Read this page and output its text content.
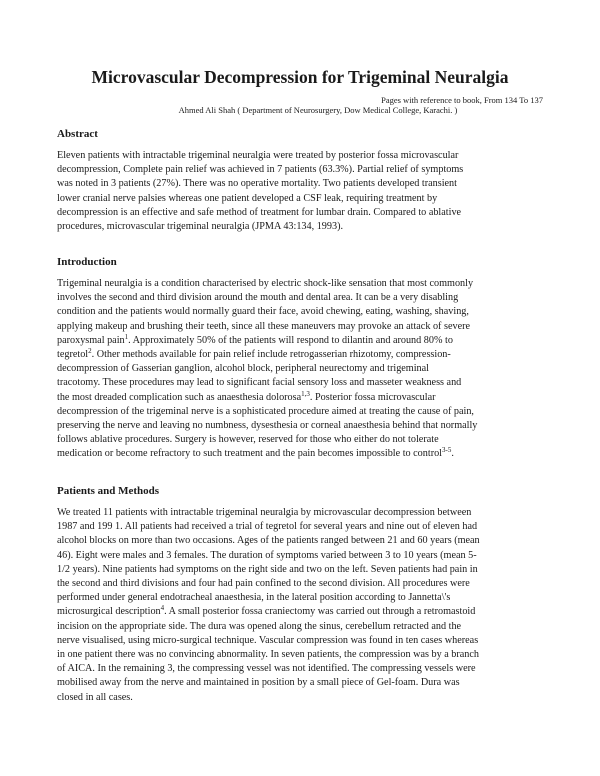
Microvascular Decompression for Trigeminal Neuralgia
Pages with reference to book, From 134 To 137
Ahmed Ali Shah ( Department of Neurosurgery, Dow Medical College, Karachi. )
Abstract

Eleven patients with intractable trigeminal neuralgia were treated by posterior fossa microvascular
decompression, Complete pain relief was achieved in 7 patients (63.3%). Partial relief of symptoms
was noted in 3 patients (27%). There was no operative mortality. Two patients developed transient
lower cranial nerve palsies whereas one patient developed a CSF leak, requiring treatment by
decompression is an effective and safe method of treatment for lumbar drain. Compared to ablative
procedures, microvascular trigeminal neuralgia (JPMA 43:134, 1993).

Introduction

Trigeminal neuralgia is a condition characterised by electric shock-like sensation that most commonly
involves the second and third division around the mouth and dental area. It can be a very disabling
condition and the patients would normally guard their face, avoid chewing, eating, washing, shaving,
applying makeup and brushing their teeth, since all these maneuvers may provoke an attack of severe
paroxysmal pain$^1$. Approximately 50% of the patients will respond to dilantin and around 80% to
tegretol$^2$. Other methods available for pain relief include retrogasserian rhizotomy, compression-
decompression of Gasserian ganglion, alcohol block, peripheral neurectomy and trigeminal
tracotomy. These procedures may lead to significant facial sensory loss and masseter weakness and
the most dreaded complication such as anaesthesia dolorosa$^{1,3}$. Posterior fossa microvascular
decompression of the trigeminal nerve is a sophisticated procedure aimed at treating the cause of pain,
preserving the nerve and leaving no numbness, dysesthesia or corneal anaesthesia behind that normally
follows ablative procedures. Surgery is however, reserved for those who either do not tolerate
medication or become refractory to such treatment and the pain becomes impossible to control$^{3-5}$.

Patients and Methods

We treated 11 patients with intractable trigeminal neuralgia by microvascular decompression between
1987 and 199 1. All patients had received a trial of tegretol for several years and nine out of eleven had
alcohol blocks on more than two occasions. Ages of the patients ranged between 21 and 60 years (mean
46). Eight were males and 3 females. The duration of symptoms varied between 3 to 10 years (mean 5-
1/2 years). Nine patients had symptoms on the right side and two on the left. Seven patients had pain in
the second and third divisions and four had pain confined to the second division. All procedures were
performed under general endotracheal anaesthesia, in the lateral position according to Jannetta\'s
microsurgical description$^4$. A small posterior fossa craniectomy was carried out through a retromastoid
incision on the appropriate side. The dura was opened along the sinus, cerebellum retracted and the
nerve visualised, using micro-surgical technique. Vascular compression was found in ten cases whereas
in one patient there was no convincing abnormality. In seven patients, the compression was by a branch
of AICA. In the remaining 3, the compressing vessel was not identified. The compressing vessels were
mobilised away from the nerve and maintained in position by a small piece of Gel-foam. Dura was
closed in all cases.
